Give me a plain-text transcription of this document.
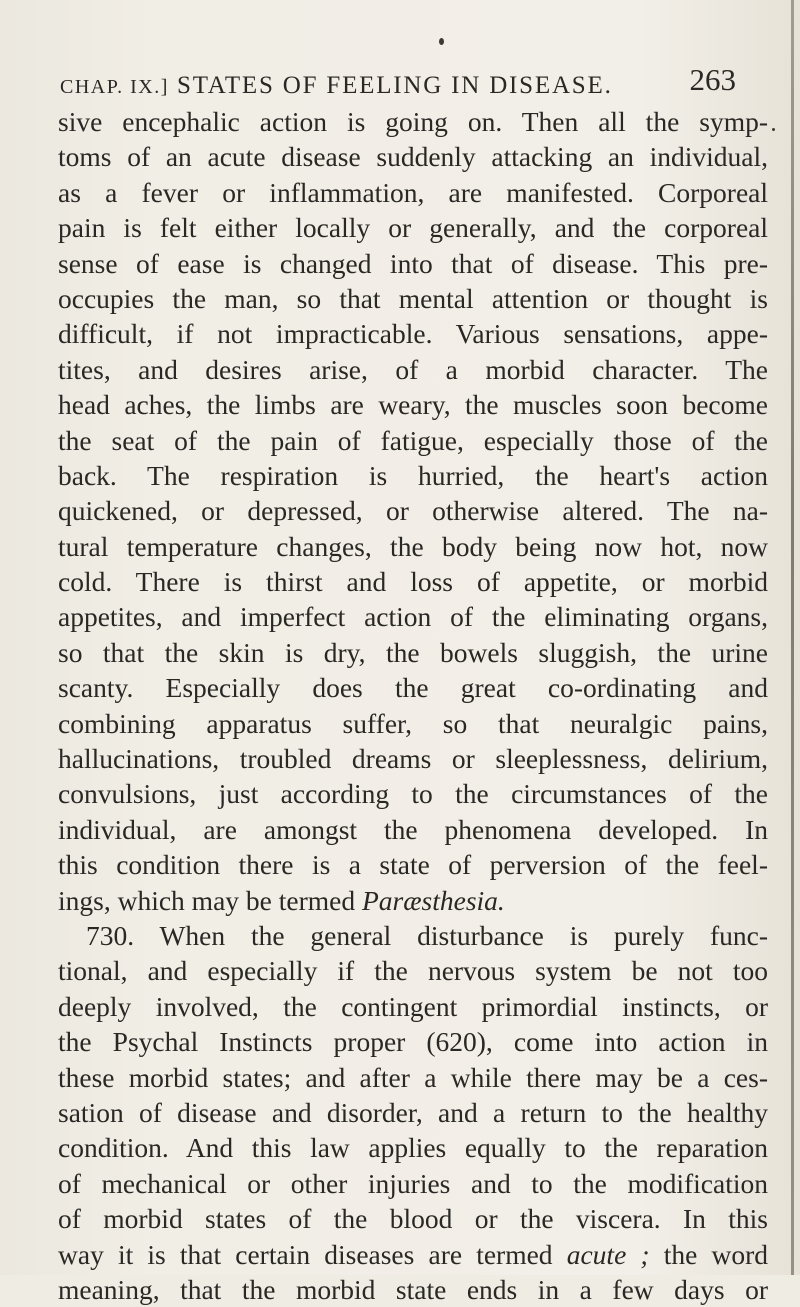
CHAP. IX.] STATES OF FEELING IN DISEASE. 263
sive encephalic action is going on. Then all the symp-
toms of an acute disease suddenly attacking an individual,
as a fever or inflammation, are manifested. Corporeal
pain is felt either locally or generally, and the corporeal
sense of ease is changed into that of disease. This pre-
occupies the man, so that mental attention or thought is
difficult, if not impracticable. Various sensations, appe-
tites, and desires arise, of a morbid character. The
head aches, the limbs are weary, the muscles soon become
the seat of the pain of fatigue, especially those of the
back. The respiration is hurried, the heart's action
quickened, or depressed, or otherwise altered. The na-
tural temperature changes, the body being now hot, now
cold. There is thirst and loss of appetite, or morbid
appetites, and imperfect action of the eliminating organs,
so that the skin is dry, the bowels sluggish, the urine
scanty. Especially does the great co-ordinating and
combining apparatus suffer, so that neuralgic pains,
hallucinations, troubled dreams or sleeplessness, delirium,
convulsions, just according to the circumstances of the
individual, are amongst the phenomena developed. In
this condition there is a state of perversion of the feel-
ings, which may be termed Paræsthesia.
730. When the general disturbance is purely func-
tional, and especially if the nervous system be not too
deeply involved, the contingent primordial instincts, or
the Psychal Instincts proper (620), come into action in
these morbid states; and after a while there may be a ces-
sation of disease and disorder, and a return to the healthy
condition. And this law applies equally to the reparation
of mechanical or other injuries and to the modification
of morbid states of the blood or the viscera. In this
way it is that certain diseases are termed acute ; the word
meaning, that the morbid state ends in a few days or
